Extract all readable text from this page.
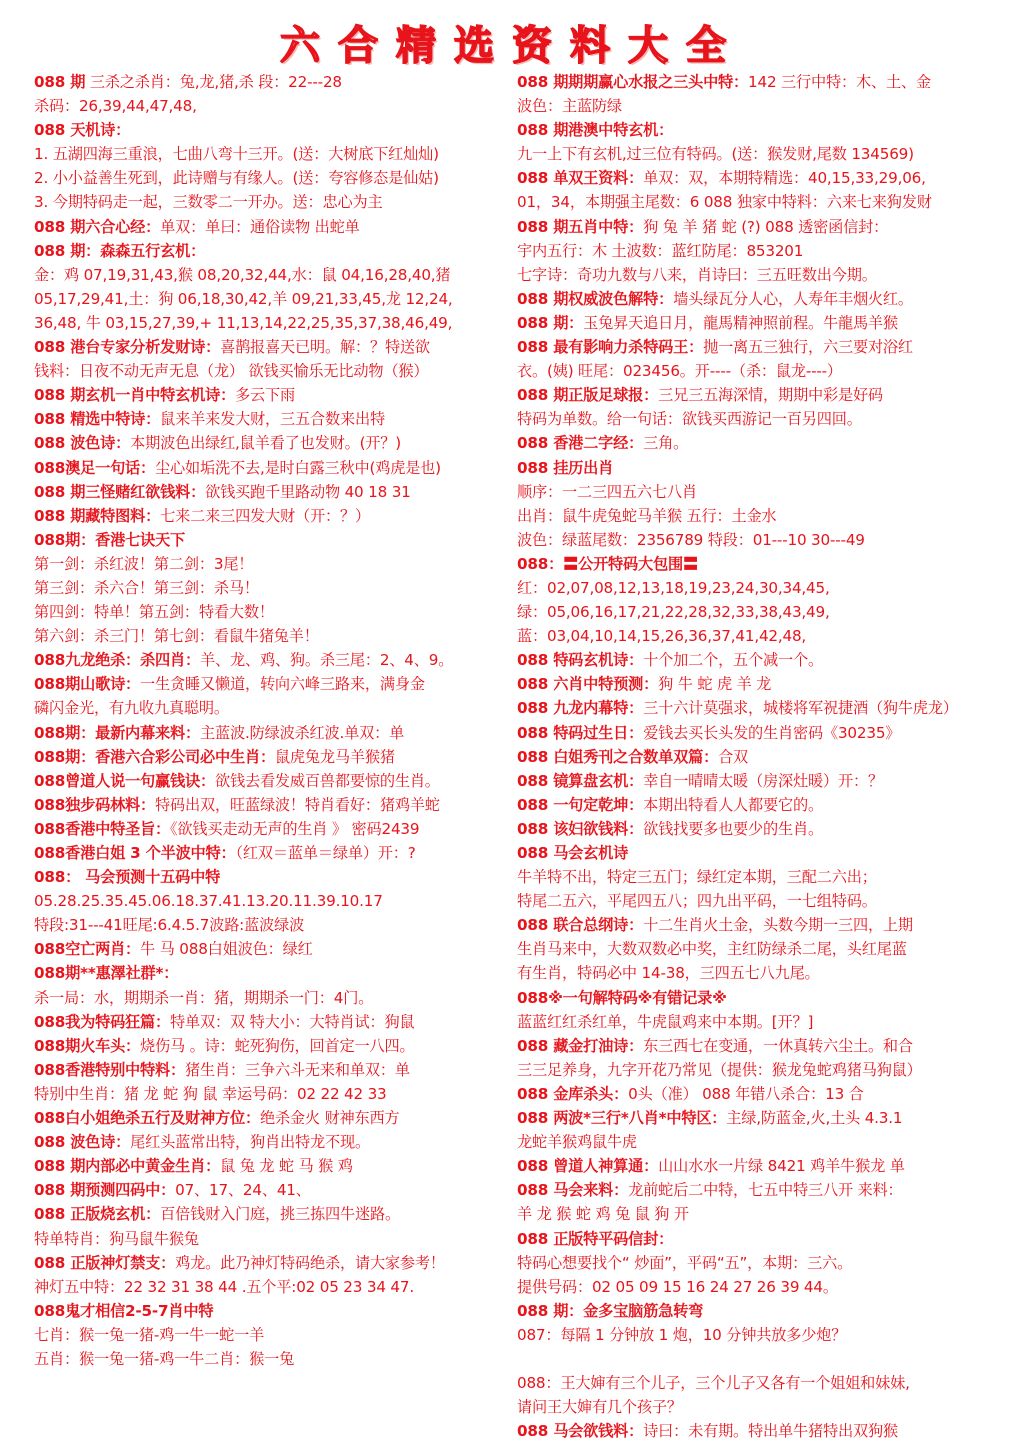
六合精选资料大全
088 期 三杀之杀肖：兔,龙,猪,杀 段：22---28
杀码：26,39,44,47,48,
088 天机诗：
1. 五湖四海三重浪，七曲八弯十三开。(送：大树底下红灿灿)
2. 小小益善生死到，此诗赠与有缘人。(送：夸容修态是仙姑)
3. 今期特码走一起，三数零二一开办。送：忠心为主
088 期六合心经：单双：单曰：通俗读物 出蛇单
088 期：森森五行玄机：
金：鸡 07,19,31,43,猴 08,20,32,44,水：鼠 04,16,28,40,猪
05,17,29,41,土：狗 06,18,30,42,羊 09,21,33,45,龙 12,24,
36,48, 牛 03,15,27,39,+ 11,13,14,22,25,35,37,38,46,49,
088 港台专家分析发财诗：喜鹊报喜天已明。解：？特送欲
钱料：日夜不动无声无息（龙） 欲钱买愉乐无比动物（猴）
088 期玄机一肖中特玄机诗：多云下雨
088 精选中特诗：鼠来羊来发大财，三五合数来出特
088 波色诗：本期波色出绿红,鼠羊看了也发财。(开？)
088澳足一句话：尘心如垢洗不去,是时白露三秋中(鸡虎是也)
088 期三怪赌红欲钱料：欲钱买跑千里路动物 40 18 31
088 期藏特图料：七来二来三四发大财（开：？）
088期：香港七诀天下
第一剑：杀红波！第二剑：3尾！
第三剑：杀六合！第三剑：杀马！
第四剑：特单！第五剑：特看大数！
第六剑：杀三门！第七剑：看鼠牛猪兔羊！
088九龙绝杀：杀四肖：羊、龙、鸡、狗。杀三尾：2、4、9。
088期山歌诗：一生贪睡又懒道，转向六峰三路来，满身金
磷闪金光，有九收九真聪明。
088期：最新内幕来料：主蓝波.防绿波杀红波.单双：单
088期：香港六合彩公司必中生肖：鼠虎兔龙马羊猴猪
088曾道人说一句赢钱诀：欲钱去看发威百兽都要惊的生肖。
088独步码林料：特码出双，旺蓝绿波！特肖看好：猪鸡羊蛇
088香港中特圣旨：《欲钱买走动无声的生肖 》 密码2439
088香港白姐 3 个半波中特：（红双＝蓝单＝绿单）开：?
088： 马会预测十五码中特
05.28.25.35.45.06.18.37.41.13.20.11.39.10.17
特段:31---41旺尾:6.4.5.7波路:蓝波绿波
088空亡两肖：牛 马 088白姐波色：绿红
088期**惠澤社群*：
杀一局：水，期期杀一肖：猪，期期杀一门：4门。
088我为特码狂篇：特单双：双 特大小：大特肖试：狗鼠
088期火车头：烧伤马 。诗：蛇死狗伤，回首定一八四。
088香港特别中特料：猪生肖：三争六斗无来和单双：单
特别中生肖：猪 龙 蛇 狗 鼠 幸运号码：02 22 42 33
088白小姐绝杀五行及财神方位：绝杀金火 财神东西方
088 波色诗：尾红头蓝常出特，狗肖出特龙不现。
088 期内部必中黄金生肖：鼠 兔 龙 蛇 马 猴 鸡
088 期预测四码中：07、17、24、41、
088 正版烧玄机：百倍钱财入门庭，挑三拣四牛迷路。
特单特肖：狗马鼠牛猴兔
088 正版神灯禁支：鸡龙。此乃神灯特码绝杀，请大家参考！
神灯五中特：22 32 31 38 44 .五个平:02 05 23 34 47.
088鬼才相信2-5-7肖中特
七肖：猴一兔一猪-鸡一牛一蛇一羊
五肖：猴一兔一猪-鸡一牛二肖：猴一兔
088 期期期赢心水报之三头中特：142 三行中特：木、土、金
波色：主蓝防绿
088 期港澳中特玄机：
九一上下有玄机,过三位有特码。(送：猴发财,尾数 134569)
088 单双王资料：单双：双，本期特精选：40,15,33,29,06,
01，34，本期强主尾数：6 088 独家中特料：六来七来狗发财
088 期五肖中特：狗 兔 羊 猪 蛇 (?) 088 透密函信封：
宇内五行：木 土波数：蓝红防尾：853201
七字诗：奇功九数与八来，肖诗曰：三五旺数出今期。
088 期权威波色解特：墙头绿瓦分人心，人寿年丰烟火红。
088 期：玉兔昇天追日月，龍馬精神照前程。牛龍馬羊猴
088 最有影响力杀特码王：抛一离五三独行，六三要对浴红
衣。(姨) 旺尾：023456。开----（杀：鼠龙----）
088 期正版足球报：三兄三五海深情，期期中彩是好码
特码为单数。给一句话：欲钱买西游记一百另四回。
088 香港二字经：三角。
088 挂历出肖
顺序：一二三四五六七八肖
出肖：鼠牛虎兔蛇马羊猴 五行：土金水
波色：绿蓝尾数：2356789 特段：01---10 30---49
088：〓公开特码大包围〓
红：02,07,08,12,13,18,19,23,24,30,34,45,
绿：05,06,16,17,21,22,28,32,33,38,43,49,
蓝：03,04,10,14,15,26,36,37,41,42,48,
088 特码玄机诗：十个加二个，五个减一个。
088 六肖中特预测：狗 牛 蛇 虎 羊 龙
088 九龙内幕特：三十六计莫强求，城楼将军祝捷酒（狗牛虎龙）
088 特码过生日：爱钱去买长头发的生肖密码《30235》
088 白姐秀刊之合数单双篇：合双
088 镜算盘玄机：幸自一晴晴太暖（房深灶暖）开：？
088 一句定乾坤：本期出特看人人都要它的。
088 该妇欲钱料：欲钱找要多也要少的生肖。
088 马会玄机诗
牛羊特不出，特定三五门；绿红定本期，三配二六出；
特尾二五六，平尾四五八；四九出平码，一七组特码。
088 联合总纲诗：十二生肖火土金，头数今期一三四，上期
生肖马来中，大数双数必中奖，主红防绿杀二尾，头红尾蓝
有生肖，特码必中 14-38，三四五七八九尾。
088※一句解特码※有错记录※
蓝蓝红红杀红单，牛虎鼠鸡来中本期。[开？]
088 藏金打油诗：东三西七在变通，一休真转六尘土。和合
三三足养身，九字开花乃常见（提供：猴龙兔蛇鸡猪马狗鼠）
088 金库杀头：0头（准） 088 年错八杀合：13 合
088 两波*三行*八肖*中特区：主绿,防蓝金,火,土头 4.3.1
龙蛇羊猴鸡鼠牛虎
088 曾道人神算通：山山水水一片绿 8421 鸡羊牛猴龙 单
088 马会来料：龙前蛇后二中特，七五中特三八开 来料：
羊 龙 猴 蛇 鸡 兔 鼠 狗 开
088 正版特平码信封：
特码心想要找个“ 炒面”，平码“五”，本期：三六。
提供号码：02 05 09 15 16 24 27 26 39 44。
088 期：金多宝脑筋急转弯
087：每隔 1 分钟放 1 炮，10 分钟共放多少炮？
088：王大婶有三个儿子，三个儿子又各有一个姐姐和妹妹,
请问王大婶有几个孩子？
088 马会欲钱料：诗曰：未有期。特出单牛猪特出双狗猴
